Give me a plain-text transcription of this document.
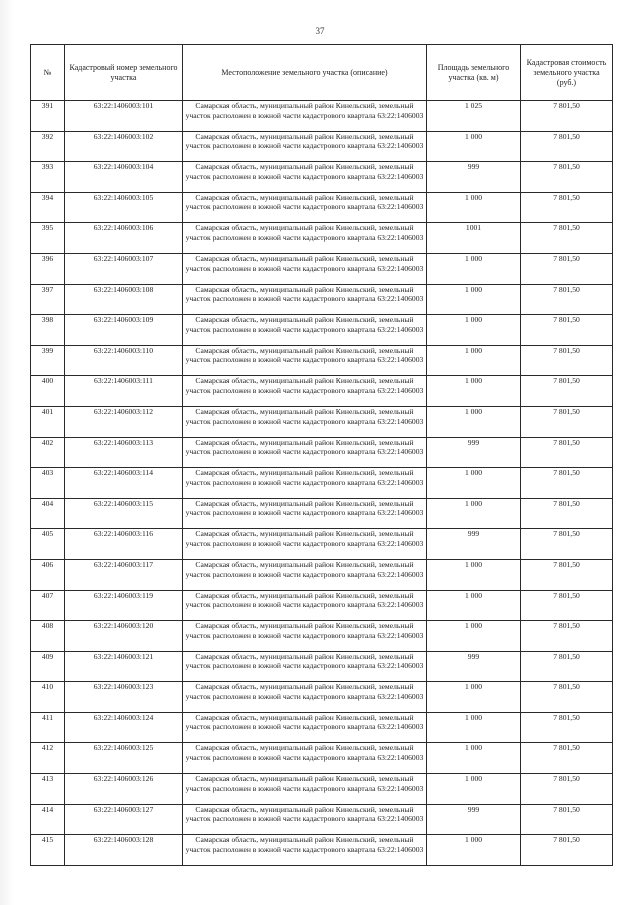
37
№	Кадастровый номер земельного участка	Местоположение земельного участка (описание)	Площадь земельного участка (кв. м)	Кадастровая стоимость земельного участка (руб.)
391	63:22:1406003:101	Самарская область, муниципальный район Кинельский, земельный участок расположен в южной части кадастрового квартала 63:22:1406003	1 025	7 801,50
392	63:22:1406003:102	Самарская область, муниципальный район Кинельский, земельный участок расположен в южной части кадастрового квартала 63:22:1406003	1 000	7 801,50
393	63:22:1406003:104	Самарская область, муниципальный район Кинельский, земельный участок расположен в южной части кадастрового квартала 63:22:1406003	999	7 801,50
394	63:22:1406003:105	Самарская область, муниципальный район Кинельский, земельный участок расположен в южной части кадастрового квартала 63:22:1406003	1 000	7 801,50
395	63:22:1406003:106	Самарская область, муниципальный район Кинельский, земельный участок расположен в южной части кадастрового квартала 63:22:1406003	1001	7 801,50
396	63:22:1406003:107	Самарская область, муниципальный район Кинельский, земельный участок расположен в южной части кадастрового квартала 63:22:1406003	1 000	7 801,50
397	63:22:1406003:108	Самарская область, муниципальный район Кинельский, земельный участок расположен в южной части кадастрового квартала 63:22:1406003	1 000	7 801,50
398	63:22:1406003:109	Самарская область, муниципальный район Кинельский, земельный участок расположен в южной части кадастрового квартала 63:22:1406003	1 000	7 801,50
399	63:22:1406003:110	Самарская область, муниципальный район Кинельский, земельный участок расположен в южной части кадастрового квартала 63:22:1406003	1 000	7 801,50
400	63:22:1406003:111	Самарская область, муниципальный район Кинельский, земельный участок расположен в южной части кадастрового квартала 63:22:1406003	1 000	7 801,50
401	63:22:1406003:112	Самарская область, муниципальный район Кинельский, земельный участок расположен в южной части кадастрового квартала 63:22:1406003	1 000	7 801,50
402	63:22:1406003:113	Самарская область, муниципальный район Кинельский, земельный участок расположен в южной части кадастрового квартала 63:22:1406003	999	7 801,50
403	63:22:1406003:114	Самарская область, муниципальный район Кинельский, земельный участок расположен в южной части кадастрового квартала 63:22:1406003	1 000	7 801,50
404	63:22:1406003:115	Самарская область, муниципальный район Кинельский, земельный участок расположен в южной части кадастрового квартала 63:22:1406003	1 000	7 801,50
405	63:22:1406003:116	Самарская область, муниципальный район Кинельский, земельный участок расположен в южной части кадастрового квартала 63:22:1406003	999	7 801,50
406	63:22:1406003:117	Самарская область, муниципальный район Кинельский, земельный участок расположен в южной части кадастрового квартала 63:22:1406003	1 000	7 801,50
407	63:22:1406003:119	Самарская область, муниципальный район Кинельский, земельный участок расположен в южной части кадастрового квартала 63:22:1406003	1 000	7 801,50
408	63:22:1406003:120	Самарская область, муниципальный район Кинельский, земельный участок расположен в южной части кадастрового квартала 63:22:1406003	1 000	7 801,50
409	63:22:1406003:121	Самарская область, муниципальный район Кинельский, земельный участок расположен в южной части кадастрового квартала 63:22:1406003	999	7 801,50
410	63:22:1406003:123	Самарская область, муниципальный район Кинельский, земельный участок расположен в южной части кадастрового квартала 63:22:1406003	1 000	7 801,50
411	63:22:1406003:124	Самарская область, муниципальный район Кинельский, земельный участок расположен в южной части кадастрового квартала 63:22:1406003	1 000	7 801,50
412	63:22:1406003:125	Самарская область, муниципальный район Кинельский, земельный участок расположен в южной части кадастрового квартала 63:22:1406003	1 000	7 801,50
413	63:22:1406003:126	Самарская область, муниципальный район Кинельский, земельный участок расположен в южной части кадастрового квартала 63:22:1406003	1 000	7 801,50
414	63:22:1406003:127	Самарская область, муниципальный район Кинельский, земельный участок расположен в южной части кадастрового квартала 63:22:1406003	999	7 801,50
415	63:22:1406003:128	Самарская область, муниципальный район Кинельский, земельный участок расположен в южной части кадастрового квартала 63:22:1406003	1 000	7 801,50
